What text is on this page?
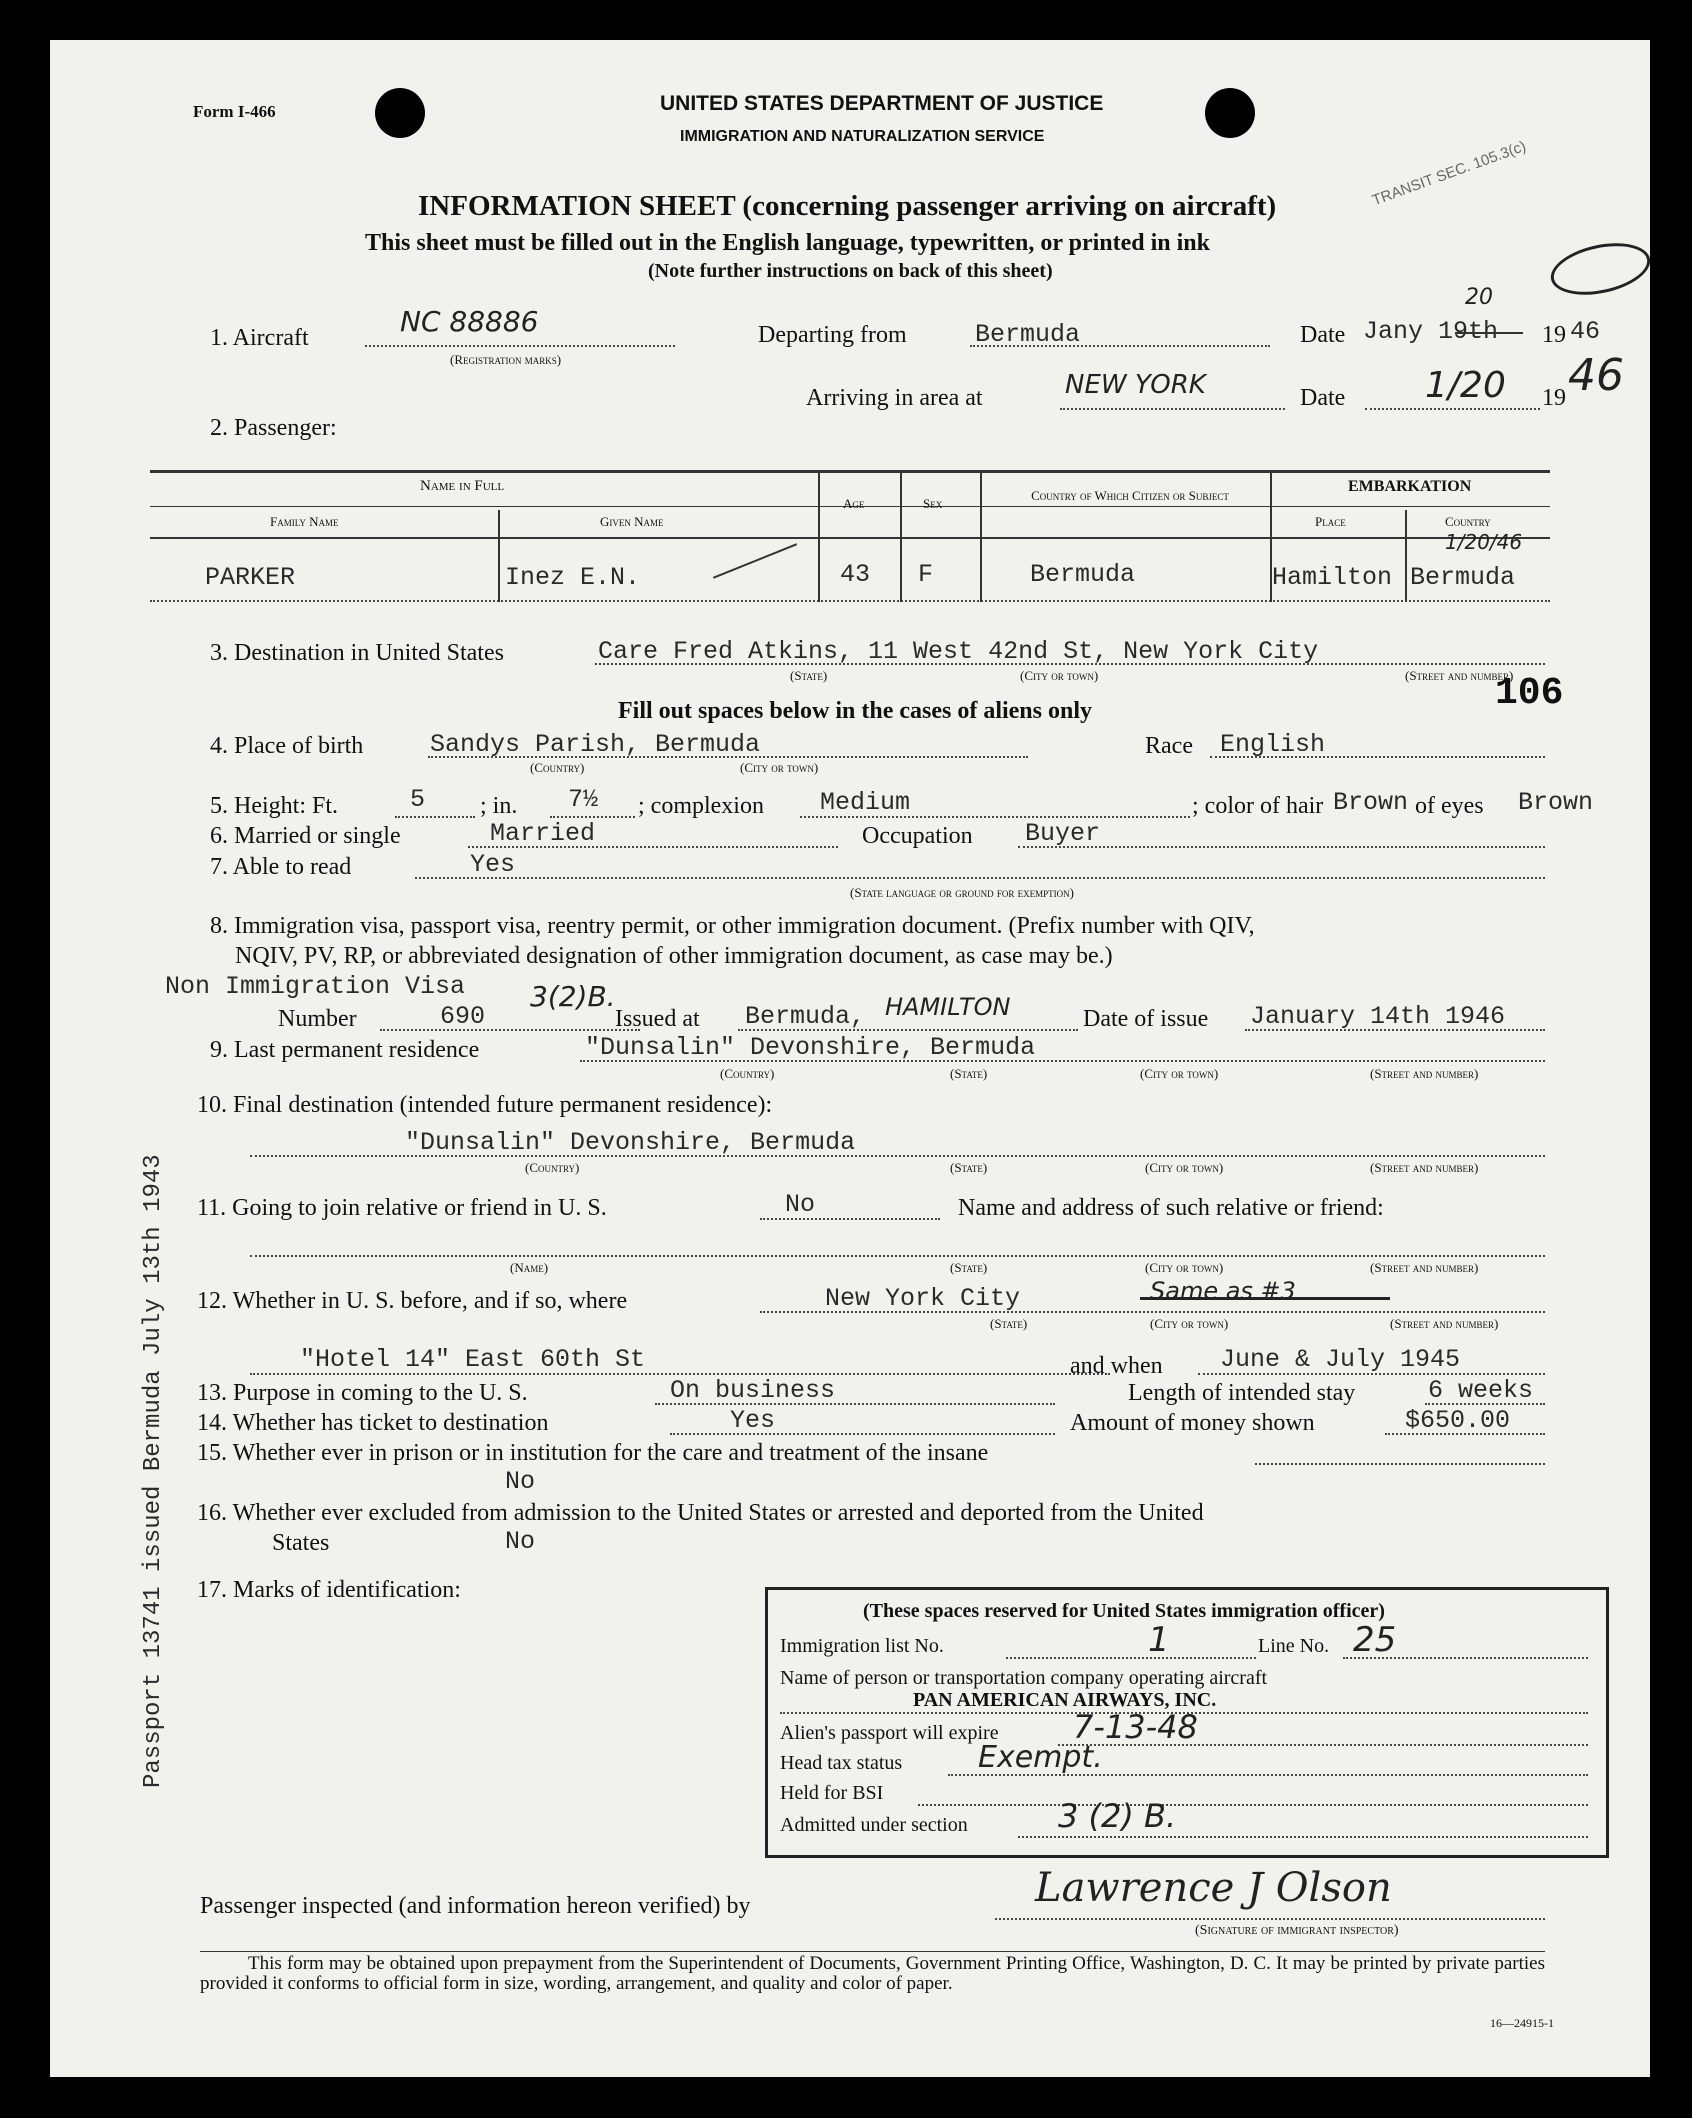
Form I-466	UNITED STATES DEPARTMENT OF JUSTICE
IMMIGRATION AND NATURALIZATION SERVICE
TRANSIT SEC. 105.3(c)
INFORMATION SHEET (concerning passenger arriving on aircraft)
This sheet must be filled out in the English language, typewritten, or printed in ink
(Note further instructions on back of this sheet)
1. Aircraft	NC 88886
(Registration marks)
Departing from	Bermuda	Date Jany 19th
20
19 46
Arriving in area at	NEW YORK	Date 1/20 19 46
2. Passenger:
Name in Full
Family Name	Given Name
Age	Sex
Country of Which Citizen or Subject
EMBARKATION
Place	Country
PARKER	Inez E.N.	43 F	Bermuda	Hamilton Bermuda
1/20/46
3. Destination in United States	Care Fred Atkins, 11 West 42nd St, New York City
(State)	(City or town)	(Street and number)
106
Fill out spaces below in the cases of aliens only
4. Place of birth	Sandys Parish, Bermuda
(Country)	(City or town)
Race English
5. Height: Ft.	5 ; in. 7½ ; complexion Medium	; color of hair Brown of eyes Brown
6. Married or single	Married	Occupation Buyer
7. Able to read	Yes
(State language or ground for exemption)
8. Immigration visa, passport visa, reentry permit, or other immigration document. (Prefix number with QIV,
NQIV, PV, RP, or abbreviated designation of other immigration document, as case may be.)
Non Immigration Visa
Number	690
3(2)B.
Issued at Bermuda, HAMILTON	Date of issue January 14th 1946
9. Last permanent residence	"Dunsalin" Devonshire, Bermuda
(Country)	(State)	(City or town)	(Street and number)
10. Final destination (intended future permanent residence):
"Dunsalin" Devonshire, Bermuda
(Country)	(State)	(City or town)	(Street and number)
11. Going to join relative or friend in U. S.	No	Name and address of such relative or friend:
(Name)	(State)	(City or town)	(Street and number)
12. Whether in U. S. before, and if so, where	New York City	Same as #3
(State)	(City or town)	(Street and number)
"Hotel 14" East 60th St	and when June & July 1945
13. Purpose in coming to the U. S.	On business	Length of intended stay	6 weeks
14. Whether has ticket to destination	Yes	Amount of money shown	$650.00
15. Whether ever in prison or in institution for the care and treatment of the insane
No
16. Whether ever excluded from admission to the United States or arrested and deported from the United
States	No
17. Marks of identification:
(These spaces reserved for United States immigration officer)
Immigration list No.	1	Line No. 25
Name of person or transportation company operating aircraft
PAN AMERICAN AIRWAYS, INC.
Alien's passport will expire 7-13-48
Head tax status	Exempt.
Held for BSI
Admitted under section	3 (2) B.
Passport 13741 issued Bermuda July 13th 1943
Passenger inspected (and information hereon verified) by	Lawrence J Olson
(Signature of immigrant inspector)
This form may be obtained upon prepayment from the Superintendent of Documents, Government Printing Office, Washington, D. C. It may be printed by private parties provided it conforms to official form in size, wording, arrangement, and quality and color of paper.
16—24915-1
